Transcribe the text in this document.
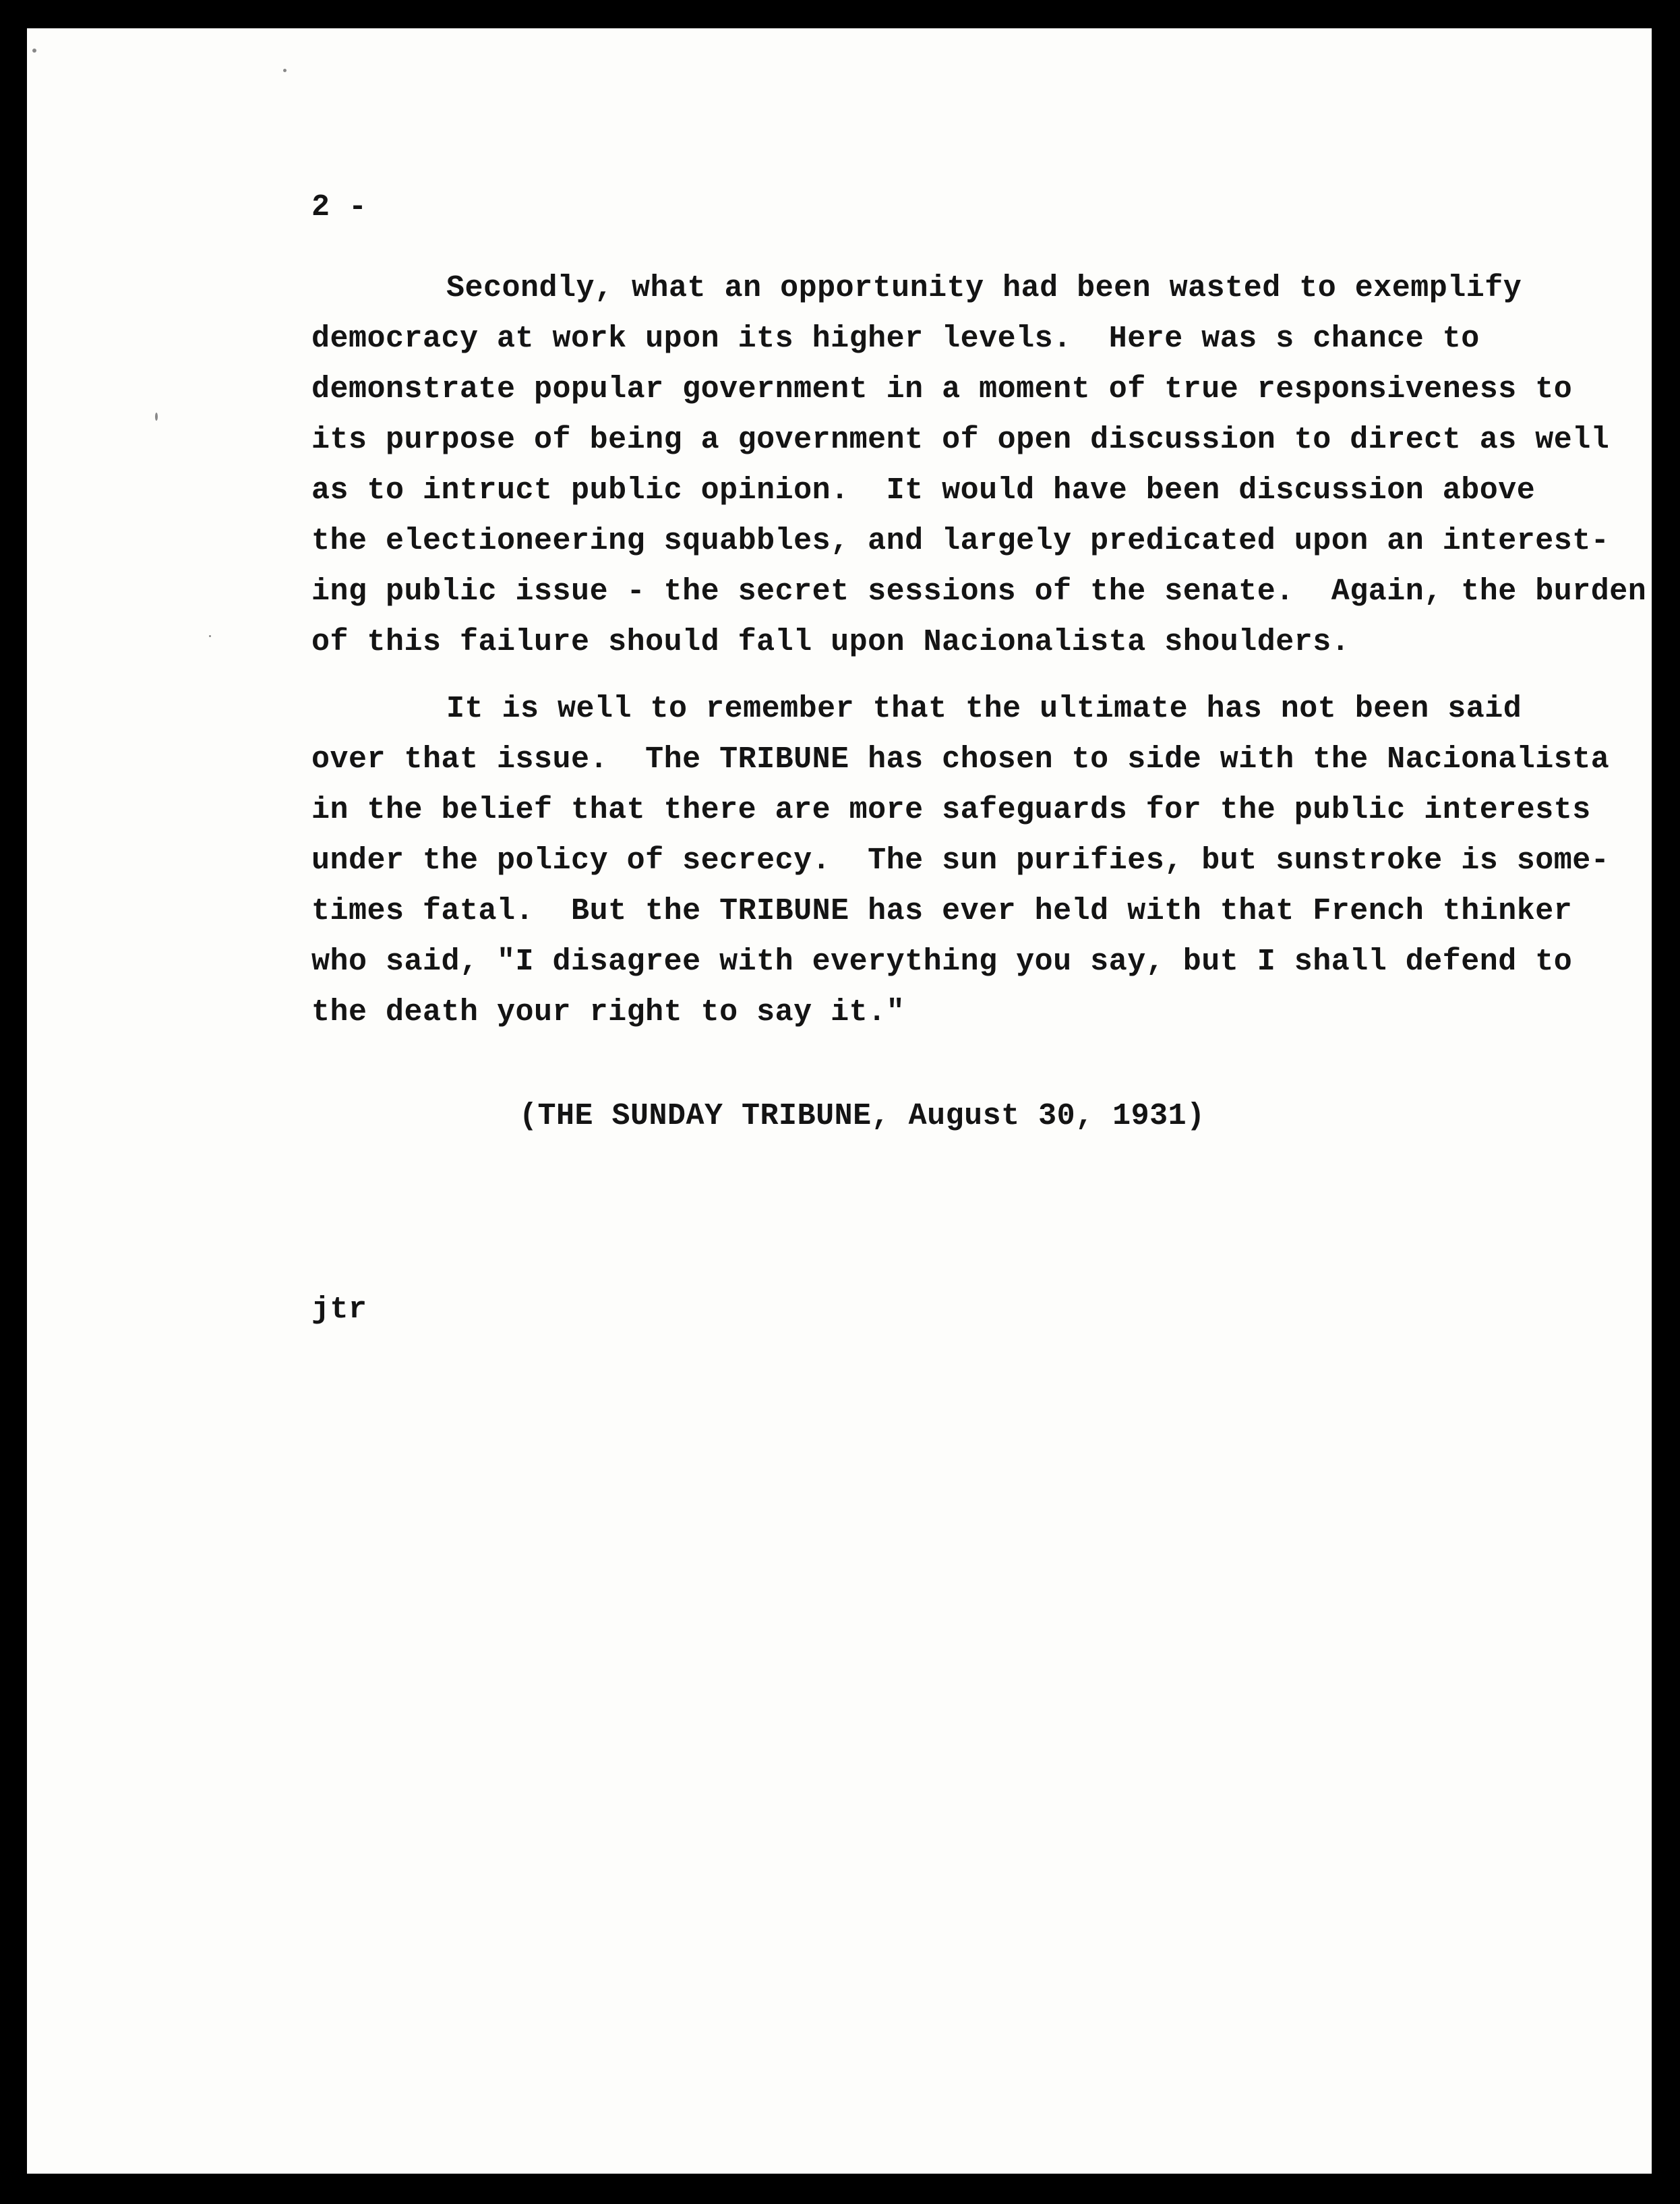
2 -
Secondly, what an opportunity had been wasted to exemplify
democracy at work upon its higher levels.  Here was s chance to
demonstrate popular government in a moment of true responsiveness to
its purpose of being a government of open discussion to direct as well
as to intruct public opinion.  It would have been discussion above
the electioneering squabbles, and largely predicated upon an interest-
ing public issue - the secret sessions of the senate.  Again, the burden
of this failure should fall upon Nacionalista shoulders.
It is well to remember that the ultimate has not been said
over that issue.  The TRIBUNE has chosen to side with the Nacionalista
in the belief that there are more safeguards for the public interests
under the policy of secrecy.  The sun purifies, but sunstroke is some-
times fatal.  But the TRIBUNE has ever held with that French thinker
who said, "I disagree with everything you say, but I shall defend to
the death your right to say it."
(THE SUNDAY TRIBUNE, August 30, 1931)
jtr
